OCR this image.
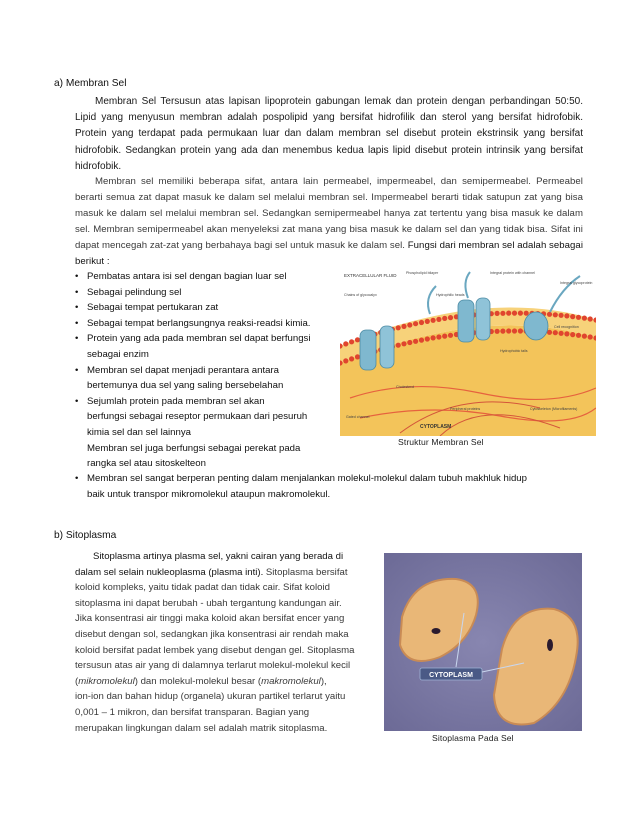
a) Membran Sel

Membran Sel Tersusun atas lapisan lipoprotein gabungan lemak dan protein dengan perbandingan 50:50. Lipid yang menyusun membran adalah pospolipid yang bersifat hidrofilik dan sterol yang bersifat hidrofobik. Protein yang terdapat pada permukaan luar dan dalam membran sel disebut protein ekstrinsik yang bersifat hidrofobik. Sedangkan protein yang ada dan menembus kedua lapis lipid disebut protein intrinsik yang bersifat hidrofobik.

Membran sel memiliki beberapa sifat, antara lain permeabel, impermeabel, dan semipermeabel. Permeabel berarti semua zat dapat masuk ke dalam sel melalui membran sel. Impermeabel berarti tidak satupun zat yang bisa masuk ke dalam sel melalui membran sel. Sedangkan semipermeabel hanya zat tertentu yang bisa masuk ke dalam sel. Membran semipermeabel akan menyeleksi zat mana yang bisa masuk ke dalam sel dan yang tidak bisa. Sifat ini dapat mencegah zat-zat yang berbahaya bagi sel untuk masuk ke dalam sel. Fungsi dari membran sel adalah sebagai berikut :

• Pembatas antara isi sel dengan bagian luar sel
• Sebagai pelindung sel
• Sebagai tempat pertukaran zat
• Sebagai tempat berlangsungnya reaksi-readsi kimia.
• Protein yang ada pada membran sel dapat berfungsi
sebagai enzim
• Membran sel dapat menjadi perantara antara
bertemunya dua sel yang saling bersebelahan
• Sejumlah protein pada membran sel akan
berfungsi sebagai reseptor permukaan dari pesuruh
kimia sel dan sel lainnya
Membran sel juga berfungsi sebagai perekat pada
rangka sel atau sitoskelteon
• Membran sel sangat berperan penting dalam menjalankan molekul-molekul dalam tubuh makhluk hidup
baik untuk transpor mikromolekul ataupun makromolekul.
EXTRACELLULAR FLUID	Phospholipid bilayer	Integral protein with channel
Integral glycoprotein
Chains of glycocalyx	Hydrophilic heads
Hydrophobic tails
Cholesterol
Peripheral proteins	Cytoskeleton (Microfilaments)
Gated channel
Cell recognition
CYTOPLASM
Struktur Membran Sel
b) Sitoplasma
Sitoplasma artinya plasma sel, yakni cairan yang berada di
dalam sel selain nukleoplasma (plasma inti). Sitoplasma bersifat
koloid kompleks, yaitu tidak padat dan tidak cair. Sifat koloid
sitoplasma ini dapat berubah - ubah tergantung kandungan air.
Jika konsentrasi air tinggi maka koloid akan bersifat encer yang
disebut dengan sol, sedangkan jika konsentrasi air rendah maka
koloid bersifat padat lembek yang disebut dengan gel. Sitoplasma
tersusun atas air yang di dalamnya terlarut molekul-molekul kecil
(mikromolekul) dan molekul-molekul besar (makromolekul),
ion-ion dan bahan hidup (organela) ukuran partikel terlarut yaitu
0,001 – 1 mikron, dan bersifat transparan. Bagian yang
merupakan lingkungan dalam sel adalah matrik sitoplasma.
CYTOPLASM
Sitoplasma Pada Sel
